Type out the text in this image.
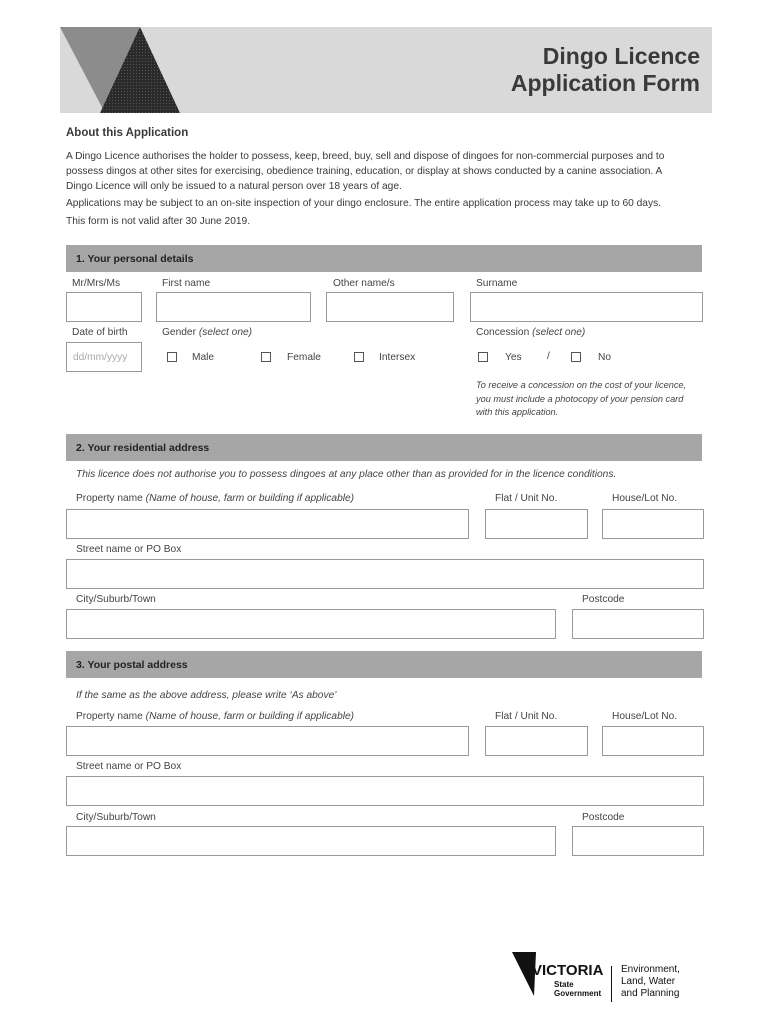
Dingo Licence
Application Form
About this Application
A Dingo Licence authorises the holder to possess, keep, breed, buy, sell and dispose of dingoes for non-commercial purposes and to
possess dingos at other sites for exercising, obedience training, education, or display at shows conducted by a canine association. A
Dingo Licence will only be issued to a natural person over 18 years of age.
Applications may be subject to an on-site inspection of your dingo enclosure. The entire application process may take up to 60 days.
This form is not valid after 30 June 2019.
1. Your personal details
Mr/Mrs/Ms	First name	Other name/s	Surname
Date of birth	Gender (select one)	Concession (select one)
dd/mm/yyyy	Male	Female	Intersex	Yes /	No
To receive a concession on the cost of your licence,
you must include a photocopy of your pension card
with this application.
2. Your residential address
This licence does not authorise you to possess dingoes at any place other than as provided for in the licence conditions.
Property name (Name of house, farm or building if applicable)	Flat / Unit No.	House/Lot No.
Street name or PO Box
City/Suburb/Town	Postcode
3. Your postal address
If the same as the above address, please write ‘As above’
Property name (Name of house, farm or building if applicable)	Flat / Unit No.	House/Lot No.
Street name or PO Box
City/Suburb/Town	Postcode
VICTORIA
State
Government
Environment,
Land, Water
and Planning
